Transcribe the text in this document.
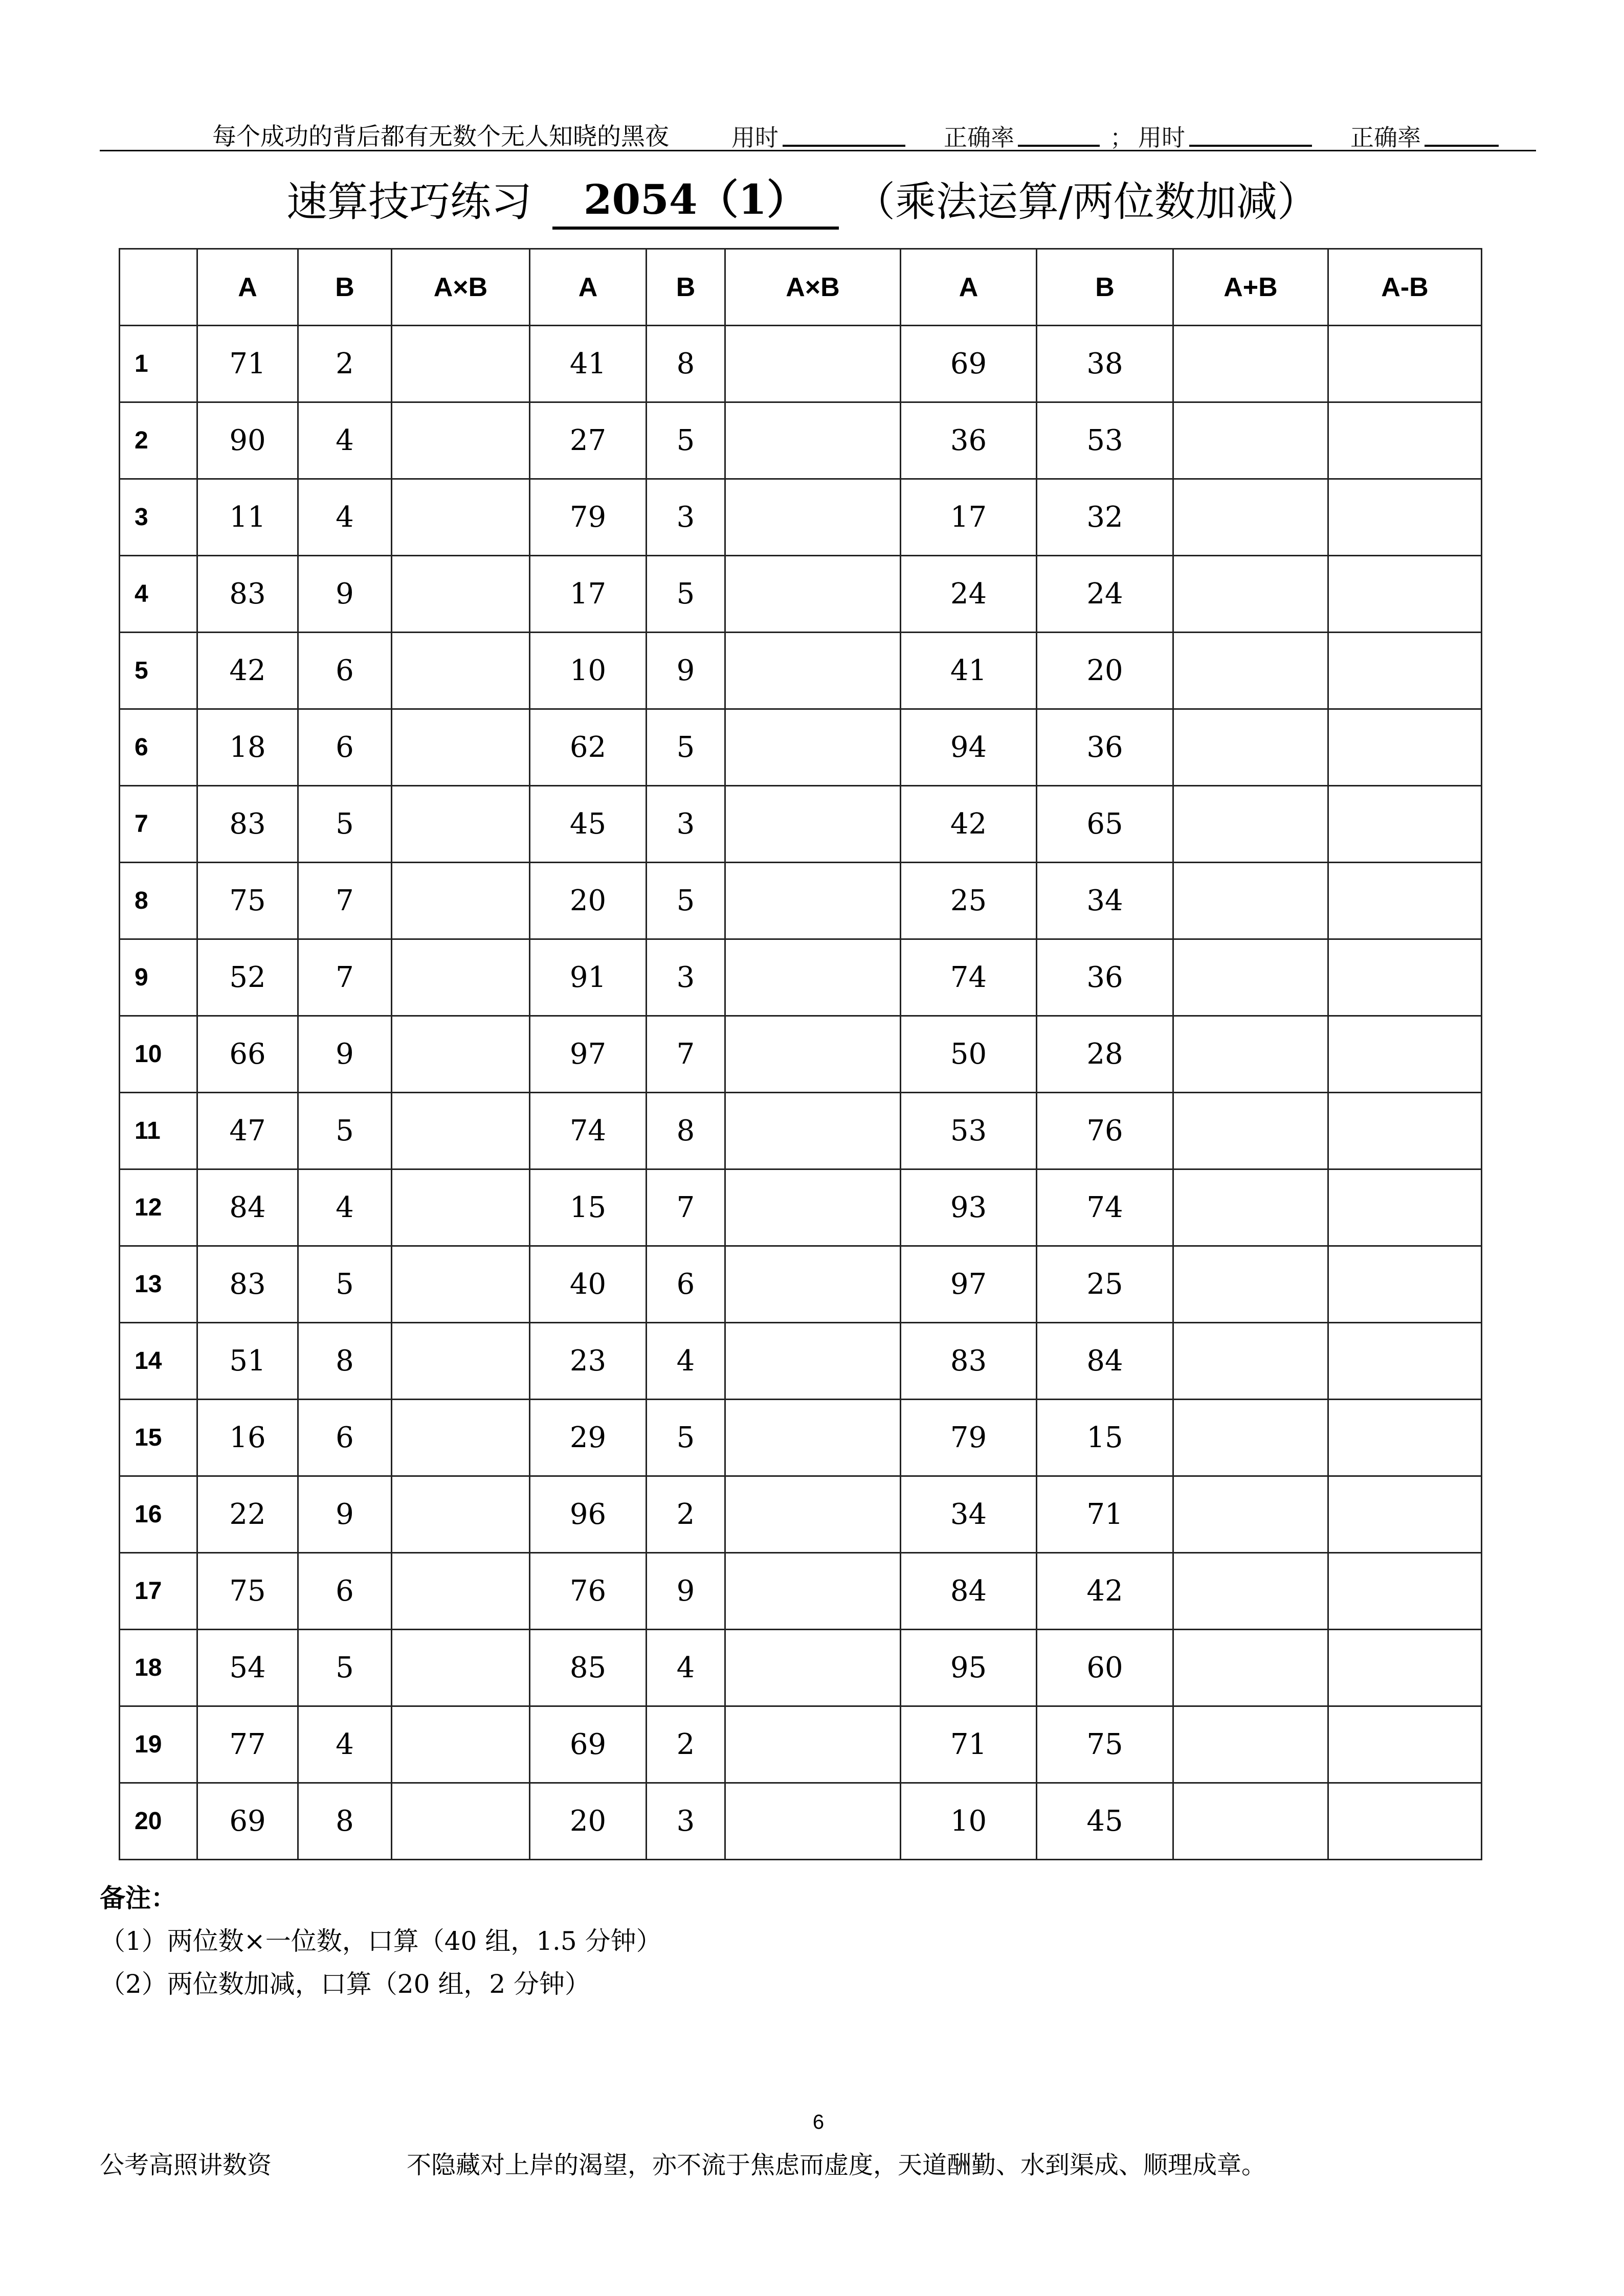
每个成功的背后都有无数个无人知晓的黑夜	用时	正确率	； 用时	正确率
速算技巧练习	2054（1）	（乘法运算/两位数加减）
	A	B	A×B	A	B	A×B	A	B	A+B	A-B
1	71	2		41	8		69	38		
2	90	4		27	5		36	53		
3	11	4		79	3		17	32		
4	83	9		17	5		24	24		
5	42	6		10	9		41	20		
6	18	6		62	5		94	36		
7	83	5		45	3		42	65		
8	75	7		20	5		25	34		
9	52	7		91	3		74	36		
10	66	9		97	7		50	28		
11	47	5		74	8		53	76		
12	84	4		15	7		93	74		
13	83	5		40	6		97	25		
14	51	8		23	4		83	84		
15	16	6		29	5		79	15		
16	22	9		96	2		34	71		
17	75	6		76	9		84	42		
18	54	5		85	4		95	60		
19	77	4		69	2		71	75		
20	69	8		20	3		10	45		
备注：
（1）两位数×一位数，口算（40 组，1.5 分钟）
（2）两位数加减，口算（20 组，2 分钟）
6
公考高照讲数资	不隐藏对上岸的渴望，亦不流于焦虑而虚度，天道酬勤、水到渠成、顺理成章。
